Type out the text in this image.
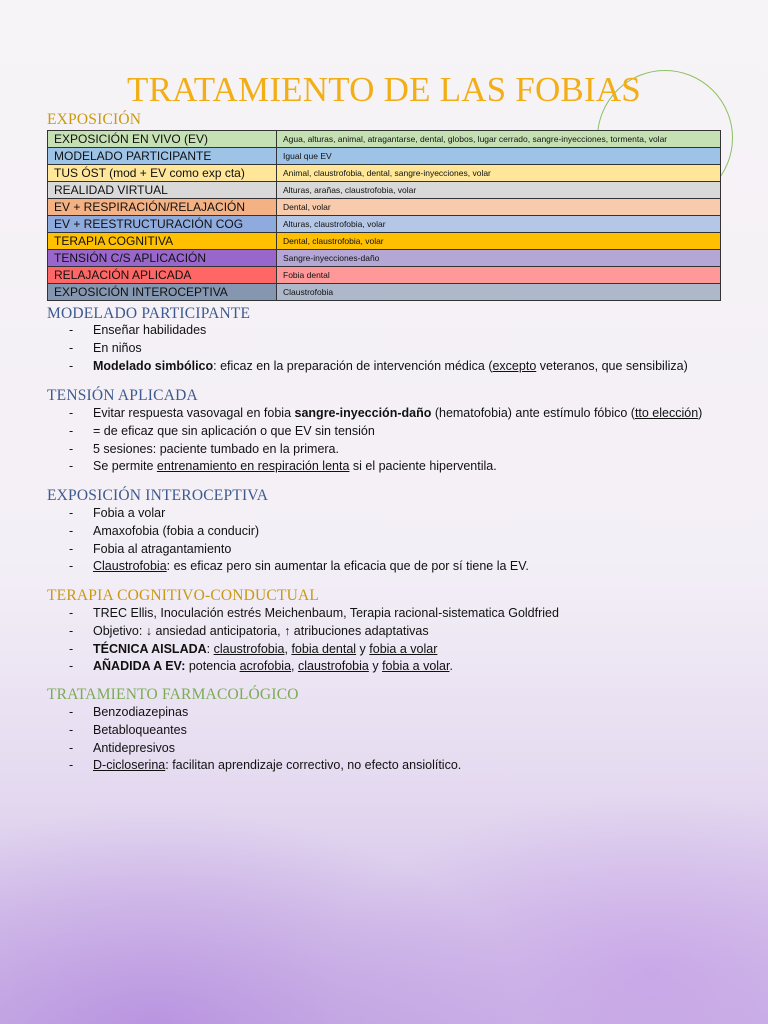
TRATAMIENTO DE LAS FOBIAS
EXPOSICIÓN
EXPOSICIÓN EN VIVO (EV)	Agua, alturas, animal, atragantarse, dental, globos, lugar cerrado, sangre-inyecciones, tormenta, volar
MODELADO PARTICIPANTE	Igual que EV
TUS ÓST (mod + EV como exp cta)	Animal, claustrofobia, dental, sangre-inyecciones, volar
REALIDAD VIRTUAL	Alturas, arañas, claustrofobia, volar
EV + RESPIRACIÓN/RELAJACIÓN	Dental, volar
EV + REESTRUCTURACIÓN COG	Alturas, claustrofobia, volar
TERAPIA COGNITIVA	Dental, claustrofobia, volar
TENSIÓN C/S APLICACIÓN	Sangre-inyecciones-daño
RELAJACIÓN APLICADA	Fobia dental
EXPOSICIÓN INTEROCEPTIVA	Claustrofobia
MODELADO PARTICIPANTE
- Enseñar habilidades
- En niños
- Modelado simbólico: eficaz en la preparación de intervención médica (excepto veteranos, que sensibiliza)
TENSIÓN APLICADA
- Evitar respuesta vasovagal en fobia sangre-inyección-daño (hematofobia) ante estímulo fóbico (tto elección)
- = de eficaz que sin aplicación o que EV sin tensión
- 5 sesiones: paciente tumbado en la primera.
- Se permite entrenamiento en respiración lenta si el paciente hiperventila.
EXPOSICIÓN INTEROCEPTIVA
- Fobia a volar
- Amaxofobia (fobia a conducir)
- Fobia al atragantamiento
- Claustrofobia: es eficaz pero sin aumentar la eficacia que de por sí tiene la EV.
TERAPIA COGNITIVO-CONDUCTUAL
- TREC Ellis, Inoculación estrés Meichenbaum, Terapia racional-sistematica Goldfried
- Objetivo: ↓ ansiedad anticipatoria, ↑ atribuciones adaptativas
- TÉCNICA AISLADA: claustrofobia, fobia dental y fobia a volar
- AÑADIDA A EV: potencia acrofobia, claustrofobia y fobia a volar.
TRATAMIENTO FARMACOLÓGICO
- Benzodiazepinas
- Betabloqueantes
- Antidepresivos
- D-cicloserina: facilitan aprendizaje correctivo, no efecto ansiolítico.
